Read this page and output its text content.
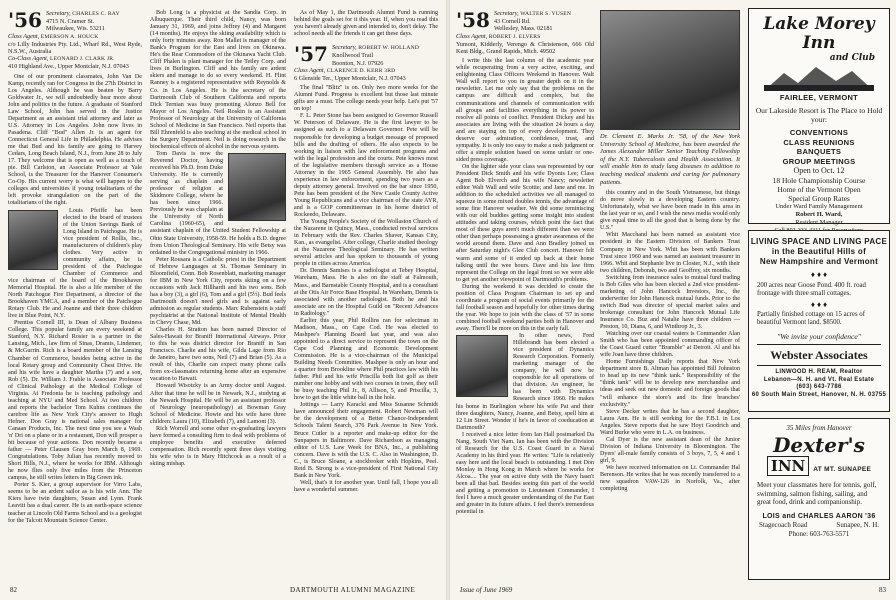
'56 Secretary, CHARLES C. RAY
4715 N. Cramer St.
Milwaukee, Wis. 53211
Class Agent, EMERSON A. HOUCK
c/o Lilly Industries Pty. Ltd., Wharf Rd., West Ryde, N.S.W., Australia
Co-Class Agent, LEONARD J. CLARK JR.
410 Highland Ave., Upper Montclair, N.J. 07043

One of our prominent classmates, John Van De Kamp, recently ran for Congress in the 27th District in Los Angeles. Although he was beaten by Barry Goldwater Jr., we will undoubtedly hear more about John and politics in the future. A graduate of Stanford Law School, John has served in the Justice Department as an assistant trial attorney and later as U.S. Attorney in Los Angeles. John now lives in Pasadena. Cliff "Bud" Allen Jr. is an agent for Connecticut General Life in Philadelphia. He advises me that Bud and his family are going to Harvey Cedars, Long Beach Island, N.J., from June 28 to July 17. They welcome that is open as well as a touch of pie. Bill Carlston, an Associate Professor at Yale School, is the Treasurer for the Hanover Consumer's Co-Op. His current worry is what will happen to the colleges and universities if young totalitarians of the left provoke strangulation on the part of the totalitarians of the right.

Louis Pfeiffe has been elected to the board of trustees of the Union Savings Bank of Long Island in Patchogue. He is vice president of Rollis, Inc., manufacturers of children's play clothes. Very active in community affairs, he is president of the Patchogue Chamber of Commerce and vice chairman of the board of the Brookhaven Memorial Hospital. He is also a life member of the North Patchogue Fire Department, a director of the Brookhaven YMCA, and a member of the Patchogue Rotary Club. He and Joanne and their three children live in Blue Point, N.Y.

Prentiss Cornell III, is Dean of Albany Business College. This popular family are every weekend at Stanford, N.Y. Richard Rosier is a partner in the Lansing, Mich., law firm of Sinas, Dramis, Lindemer, & McGurrin. Rich is a board member of the Lansing Chamber of Commerce, besides being active in the local Rotary group and Community Chest Drive. He and his wife have a daughter Martha (7) and a son, Rob (5). Dr. William J. Frable is Associate Professor of Clinical Pathology at the Medical College of Virginia. At Fredonia he is teaching pathology and teaching at NYU and Med School. At two children and reports the bachelor Tom Kuhns continues the carefree life as New York City's answer to Hugh Hefner. Don Gray is national sales manager for Canaan Products, Inc. The next time you see a Wash 'n' Dri on a plane or in a restaurant, Don will prosper a bit because of your actions. Don recently became a father — Peter Clausen Gray born March 8, 1969. Congratulations. Toby Julian has recently moved to Short Hills, N.J., where he works for IBM. Although he now flies only five miles from the Princeton campus, he still writes letters in Big Green ink.

Porter S. Kier, a group supervisor for Virro Labs, seems to be an ardent sailor as is his wife Ann. The Kiers have twin daughters, Susan and Lynn. Frank Leavitt has a dual career. He is an earth-space science teacher at Lincoln Old Farms School and is a geologist for the Talcott Mountain Science Center.

Bob Long is a physicist at the Sandia Corp. in Albuquerque. Their third child, Nancy, was born January 31, 1969, and joins Jeffrey (4) and Margaret (14 months). He enjoys the skiing availability which is only forty minutes away. Ron Mallet is manager of the Bank's Program for the East and lives on Okinawa. He's the Rear Commodore of the Okinawa Yacht Club. Cliff Phalen is plant manager for the Tetley Corp. and lives in Burlington. Cliff and his family are ardent skiers and manage to do so every weekend. H. Flint Ranney is a registered representative with Reynolds & Co. in Los Angeles. He is the secretary of the Dartmouth Club of Southern California and reports Dick Ternian was busy promoting Alonzo Bell for Mayor of Los Angeles. Neil Roskin is an Assistant Professor of Neurology at the University of California School of Medicine in San Francisco. Neil reports that Bill Ehrenfeld is also teaching at the medical school in the Surgery Department. Neil is doing research in the biochemical effects of alcohol in the nervous system.

Tom Davis is now the Reverend Doctor, having received his Ph.D. from Duke University. He is currently serving as chaplain and professor of religion at Skidmore College, where he has been since 1966. Previously he was chaplain at the University of North Carolina (1960-65), and assistant chaplain of the United Student Fellowship at Ohio State University, 1958-59. He holds a B.D. degree from Union Theological Seminary. His wife Betsy was ordained to the Congregational ministry in 1966.

Peter Rousara is a Catholic priest in the Department of Hebrew Languages at St. Thomas Seminary in Bloomfield, Conn. Bob Rosenblatt, marketing manager for IBM in New York City, reports skiing on a few occasions with Jack Hillhardt and his two sons. Bob has a boy (3), a girl (6), Tom and a girl (5½). Bud feels Dartmouth doesn't need girls and is against early admission as regular students. Marc Rubenstein is staff psychiatrist at the National Institute of Mental Health in Chevy Chase, Md.

Charles H. Stratton has been named Director of Sales-Hawaii for Braniff International Airways. Prior to this he was district director for Braniff in San Francisco. Charlie and his wife, Gilda Lage from Rio de Janeiro, have two sons, Neil (7) and Brian (5). As a result of this, Charlie can expect many phone calls from ex-classmates returning home after an expensive vacation to Hawaii.

Howard Wisotzky is an Army doctor until August. After that time he will be in Newark, N.J., studying at the Newark Hospital. He will be an assistant professor of Neurology (neuropathology) at Bowman Gray School of Medicine. Howie and his wife have three children: Laura (10), Elizabeth (7), and Lamont (3).

Rich Worrell and some other ex-graduating lawyers have formed a consulting firm to deal with problems of employee benefits and executive deferred compensation. Rich recently spent three days visiting his wife who is in Mary Hitchcock as a result of a skiing mishap.

As of May 1, the Dartmouth Alumni Fund is running behind the goals set for it this year. If, when you read this you haven't already given and intended to, don't delay. The school needs all the friends it can get these days.

'57 Secretary, ROBERT W. HOLLAND
Knollwood Trail
Boonton, N.J. 07926
Class Agent, CLARENCE D. KERR 3RD
6 Glenside Ter., Upper Montclair, N.J. 07043

The final "Blitz" is on. Only two more weeks for the Alumni Fund. Progress is excellent but those last minute gifts are a must. The college needs your help. Let's put '57 on top!

F. L. Peter Stone has been assigned to Governor Russell W. Peterson of Delaware. He is the first lawyer to be assigned as such to a Delaware Governor. Pete will be responsible for developing a budget message of proposed bills and the drafting of others. He also expects to be working in liaison with law enforcement programs and with the legal profession and the courts. Pete knows most of the legislative members through service as a House Attorney in the 1965 General Assembly. He also has experience in law enforcement, spending two years as a deputy attorney general. Involved on the bar since 1950, Pete has been president of the New Castle County Active Young Republicans and a vice chairman of the state AYR, and is a GOP committeeman in his home district of Rockeedo, Delaware.

The Young People's Society of the Wollaston Church of the Nazarene in Quincy, Mass., conducted revival services in February with the Rev. Charles Shaver, Kansas City, Kan., as evangelist. After college, Charlie studied theology at the Nazarene Theological Seminary. He has written several articles and has spoken to thousands of young people in cities across America.

Dr. Dennis Samises is a radiologist at Tebey Hospital, Wareham, Mass. He is also on the staff at Falmouth, Mass., and Barnstable County Hospital, and is a consultant at the Otis Air Force Base Hospital. In Wareham, Dennis is associated with another radiologist. Both he and his associate are on the Hospital Guild on "Recent Advances in Radiology."

Earlier this year, Phil Rollins ran for selectman in Madison, Mass., on Cape Cod. He was elected to Mashpee's Planning Board last year, and was also appointed to a direct service to represent the town on the Cape Cod Planning and Economic Development Commission. He is a vice-chairman of the Municipal Building Needs Committee. Mashpee is only an hour and a quarter from Brookline where Phil practices law with his father. Phil and his wife Priscilla both list golf as their number one hobby and with two courses in town, they will be busy teaching Phil Jr., 8, Allison, 5, and Priscilla, 3, how to get the little white ball in the hole.

Jottings — Larry Karacki and Miss Susanne Schmidt have announced their engagement. Robert Newman will be the development of a Better Chance-Independent Schools Talent Search, 376 Park Avenue in New York. Bruce Cutler is a reporter and make-up editor for the Sunpapers in Baltimore. Dave Richardson as managing editor of U.S. Law Week for BNA, Inc., a publishing concern. Dave is with the U.S. C. Also in Washington, D. C., is Bruce Sloane, a stockbroker with Hopkins, Peel. Reid B. Strong is a vice-president of First National City Bank in New York.

Well, that's it for another year. Until fall, I hope you all have a wonderful summer.

82	DARTMOUTH ALUMNI MAGAZINE
'58 Secretary, WALTER S. YUSEN
43 Cornell Rd.
Wellesley, Mass. 02181
Class Agent, ROBERT J. ELVERS
Yumont, Kidderly, Verengo & Christenson, 666 Old Kent Bldg., Grand Rapids, Mich. 49502

I write this the last column of the academic year while recuperating from a very active, exciting, and enlightening Class Officers Weekend in Hanover. Walt Wall will report to you in greater depth on it in the newsletter. Let me only say that the problems on the campus are difficult and complex, but the communications and channels of communication with all groups and facilities everything in its power to resolve all points of conflict. President Dickey and his associates are living with the situation 24 hours a day and are staying on top of every development. They deserve our admiration, confidence, trust, and sympathy. It is only too easy to make a rash judgment or offer a simple solution based on some unfair or one-sided press coverage.

On the lighter side your class was represented by our President Dick Smith and his wife Dyonis Lee; Class Agent Bob Elverch and his wife Nancy; newsletter editor Walt Wall and wife Scottie; and Jane and me. In addition to the scheduled activities we all managed to squeeze in some mixed doubles tennis, the advantage of some fine Hanover weather. We did some reminiscing with our old buddies getting some insight into student attitudes and taking courses, which point the fact that most of these guys aren't much different than we were other than perhaps possessing a greater awareness of the world around them. Dave and Ann Bradley joined us after Saturday night's Glee Club concert. Hanover felt warm and some of it ended up back at their home talking until the wee hours. Dave and his law firm represent the College on the legal front so we were able to get yet another viewpoint of Dartmouth's problems.

During the weekend it was decided to create the position of Class Program Chairman to set up and coordinate a program of social events primarily for the fall football season and hopefully for other times during the year. We hope to join with the class of '57 in some combined football weekend parties both in Hanover and away. There'll be more on this in the early fall.

In other news, Fred Hillebrandt has been elected a vice president of Dynamics Research Corporation. Formerly marketing manager of the company, he will now be responsible for all operations of that division. An engineer, he has been with Dynamics Research since 1960. He makes his home in Burlington where his wife Pat and their three daughters, Nancy, Joanne, and Betsy, spell him at 12 Lin Street. Wonder if he's in favor of coeducation at Dartmouth?

I received a nice letter from Ian Hall postmarked Da Nang, South Viet Nam. Ian has been with the Division of Research for the U.S. Coast Guard in a Naval Academy in his third year. He writes: "Life is relatively easy here and the local beach is outstanding. I met Don Monlay in Hong Kong in March where he works for Alcoa.... The year on active duty with the Navy hasn't been all that bad. Besides seeing this part of the world and getting a promotion to Lieutenant Commander, I feel I have a much greater understanding of the Far East and greater in its future affairs. I feel there's tremendous potential in

Dr. Clement E. Marks Jr. '58, of the New York University School of Medicine, has been awarded the James Alexander Miller Senior Teaching Fellowship of the N.Y. Tuberculosis and Health Association. It will enable him to study lung diseases in addition to teaching medical students and caring for pulmonary patients.

this country and in the South Vietnamese, but things do move slowly in a developing Eastern country. Unfortunately, what we have been made in this area in the last year or so, and I wish the news media would only give equal time to all the good that is being done by the U.S."

Whit Macchand has been named as assistant vice president in the Eastern Division of Bankers Trust Company in New York. Whit has been with Bankers Trust since 1960 and was named an assistant treasurer in 1966. Whit and Stephanie live in Closter, N.J., with their two children, Deborah, two and Geoffrey, six months.

Switching from insurance sales to mutual fund trading is Bob Giles who has been elected a 2nd vice president-marketing of John Hancock Investors, Inc., the underwriter for John Hancock mutual funds. Prior to the switch Bud was director of special market sales and brokerage consultant for John Hancock Mutual Life Insurance Co. Buz and Natalie have three children — Preston, 10, Diana, 6, and Winthrop Jr., 3.

Watching over our coastal waters is Commander Alan Smith who has been appointed commanding officer of the Coast Guard cutter "Bramble" at Detroit. Al and his wife Joan have three children.

Home Furnishings Daily reports that New York department store B. Altman has appointed Bill Johnston to head up its new "think tank." Responsibility of the "think tank" will be to develop new merchandise and ideas and seek out new domestic and foreign goods that "will enhance the store's and its fine branches' exclusivity."

Steve Decker writes that he has a second daughter, Laura Ann. He is still working for the F.B.I. in Los Angeles. Steve reports that he saw Hoyt Goodrich and Ward Burke who were in L.A. on business.

Cal Dyer is the new assistant dean of the Junior Division of Indiana University in Bloomington. The Dyers' all-male family consists of 3 boys, 7, 5, 4 and 1 girl, 9.

We have received information on Lt. Commander Hal Berenson. He writes that he was recently transferred to a new squadron VAW-126 in Norfolk, Va., after completing

Lake Morey Inn
and Club
FAIRLEE, VERMONT
Our Lakeside Resort is The Place to Hold your:
CONVENTIONS
CLASS REUNIONS
BANQUETS
GROUP MEETINGS
Open to Oct. 12
18 Hole Championship Course
Home of the Vermont Open
Special Group Rates
Under Ward Family Management
Robert H. Ward,
Resident Manager
LIVING SPACE AND LIVING PACE
in the Beautiful Hills of
New Hampshire and Vermont
♦ ♦ ♦
200 acres near Goose Pond. 400 ft. road frontage with three small cottages.
♦ ♦ ♦
Partially finished cottage on 15 acres of beautiful Vermont land. $8500.
"We invite your confidence"
Webster Associates
LINWOOD H. REAM, Realtor
Lebanon—N. H. and Vt. Real Estate
(603) 643-7786
60 South Main Street, Hanover, N. H. 03755
35 Miles from Hanover
Dexter's
INN	AT MT. SUNAPEE
Meet your classmates here for tennis, golf, swimming, salmon fishing, sailing, and great food, drink and companionship.
LOIS and CHARLES AARON '36
Stagecoach Road	Sunapee, N. H.
Phone: 603-763-5571
Issue of June 1969	83
